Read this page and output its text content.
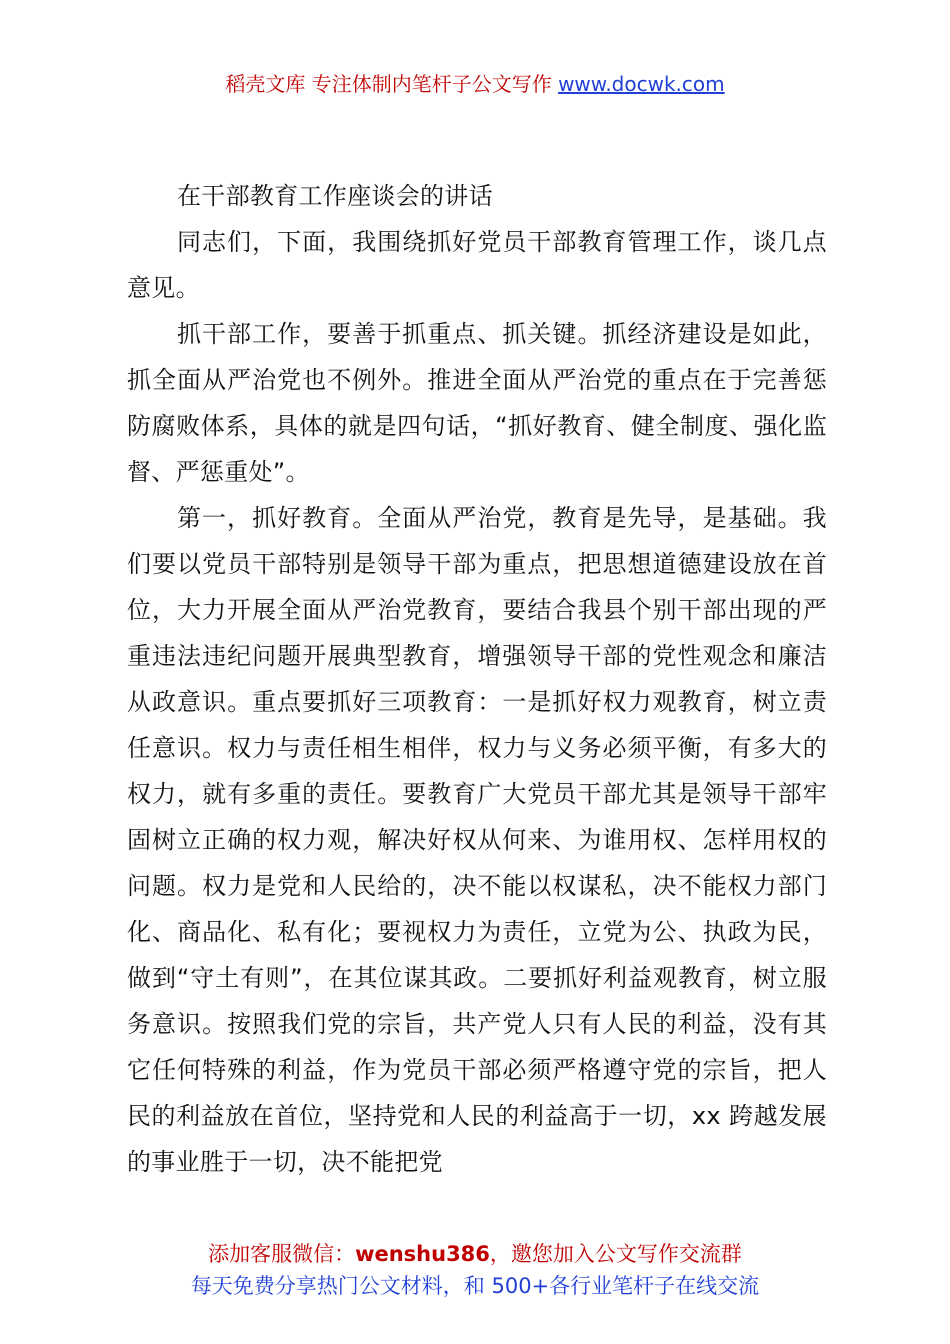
稻壳文库 专注体制内笔杆子公文写作 www.docwk.com

在干部教育工作座谈会的讲话

同志们，下面，我围绕抓好党员干部教育管理工作，谈几点意见。

抓干部工作，要善于抓重点、抓关键。抓经济建设是如此，抓全面从严治党也不例外。推进全面从严治党的重点在于完善惩防腐败体系，具体的就是四句话，“抓好教育、健全制度、强化监督、严惩重处”。

第一，抓好教育。全面从严治党，教育是先导，是基础。我们要以党员干部特别是领导干部为重点，把思想道德建设放在首位，大力开展全面从严治党教育，要结合我县个别干部出现的严重违法违纪问题开展典型教育，增强领导干部的党性观念和廉洁从政意识。重点要抓好三项教育：一是抓好权力观教育，树立责任意识。权力与责任相生相伴，权力与义务必须平衡，有多大的权力，就有多重的责任。要教育广大党员干部尤其是领导干部牢固树立正确的权力观，解决好权从何来、为谁用权、怎样用权的问题。权力是党和人民给的，决不能以权谋私，决不能权力部门化、商品化、私有化；要视权力为责任，立党为公、执政为民，做到“守土有则”，在其位谋其政。二要抓好利益观教育，树立服务意识。按照我们党的宗旨，共产党人只有人民的利益，没有其它任何特殊的利益，作为党员干部必须严格遵守党的宗旨，把人民的利益放在首位，坚持党和人民的利益高于一切，xx 跨越发展的事业胜于一切，决不能把党

添加客服微信：wenshu386，邀您加入公文写作交流群
每天免费分享热门公文材料，和 500+各行业笔杆子在线交流
